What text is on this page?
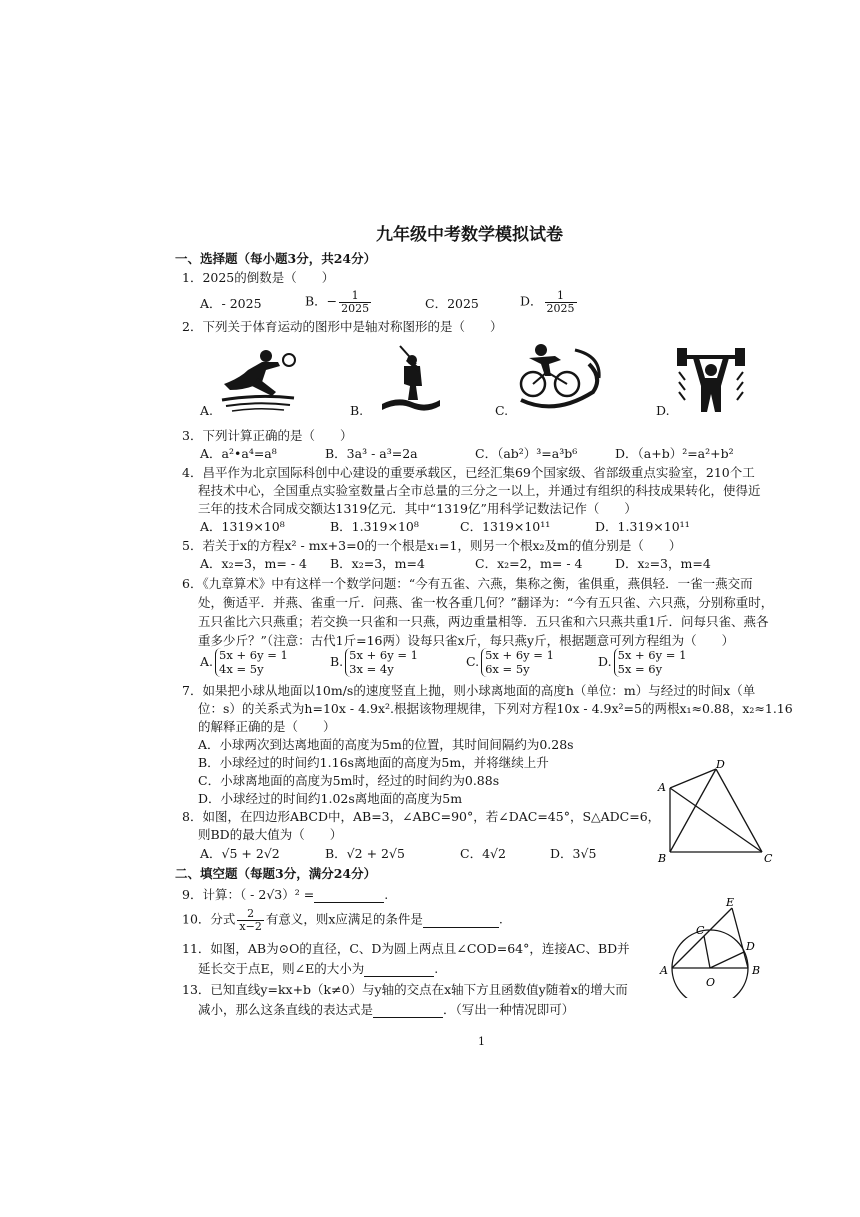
九年级中考数学模拟试卷
一、选择题（每小题3分，共24分）
1．2025的倒数是（　　）
A．- 2025	B．− $\frac{1}{2025}$	C．2025	D． $\frac{1}{2025}$
2．下列关于体育运动的图形中是轴对称图形的是（　　）
A.	B.	C.	D.
3．下列计算正确的是（　　）
A．a²•a⁴=a⁸	B．3a³ - a³=2a	C．（ab²）³=a³b⁶	D．（a+b）²=a²+b²
4．昌平作为北京国际科创中心建设的重要承载区，已经汇集69个国家级、省部级重点实验室，210个工
程技术中心，全国重点实验室数量占全市总量的三分之一以上，并通过有组织的科技成果转化，使得近
三年的技术合同成交额达1319亿元．其中“1319亿”用科学记数法记作（　　）
A．1319×10⁸	B．1.319×10⁸	C．1319×10¹¹	D．1.319×10¹¹
5．若关于x的方程x² - mx+3=0的一个根是x₁=1，则另一个根x₂及m的值分别是（　　）
A．x₂=3，m= - 4 B．x₂=3，m=4	C．x₂=2，m= - 4	D．x₂=3，m=4
6．《九章算术》中有这样一个数学问题：“今有五雀、六燕，集称之衡，雀俱重，燕俱轻．一雀一燕交而
处，衡适平．并燕、雀重一斤．问燕、雀一枚各重几何？”翻译为：“今有五只雀、六只燕，分别称重时，
五只雀比六只燕重；若交换一只雀和一只燕，两边重量相等．五只雀和六只燕共重1斤．问每只雀、燕各
重多少斤？”（注意：古代1斤=16两）设每只雀x斤，每只燕y斤，根据题意可列方程组为（　　）
A. 5x + 6y = 1
4x = 5y
B. 5x + 6y = 1
3x = 4y
C. 5x + 6y = 1
6x = 5y
D. 5x + 6y = 1
5x = 6y
7．如果把小球从地面以10m/s的速度竖直上抛，则小球离地面的高度h（单位：m）与经过的时间x（单
位：s）的关系式为h=10x - 4.9x².根据该物理规律，下列对方程10x - 4.9x²=5的两根x₁≈0.88，x₂≈1.16
的解释正确的是（　　）
A．小球两次到达离地面的高度为5m的位置，其时间间隔约为0.28s
B．小球经过的时间约1.16s离地面的高度为5m，并将继续上升
C．小球离地面的高度为5m时，经过的时间约为0.88s
D．小球经过的时间约1.02s离地面的高度为5m
A
D
B	C
8．如图，在四边形ABCD中，AB=3，∠ABC=90°，若∠DAC=45°，S△ADC=6，
则BD的最大值为（　　）
A．√5 + 2√2	B．√2 + 2√5	C．4√2	D．3√5
二、填空题（每题3分，满分24分）
9．计算：（ - 2√3）² =	.
10．分式 $\frac{2}{x-2}$ 有意义，则x应满足的条件是	.
A	B
C
D
E
O
11．如图，AB为⊙O的直径，C、D为圆上两点且∠COD=64°，连接AC、BD并
延长交于点E，则∠E的大小为	.
13．已知直线y=kx+b（k≠0）与y轴的交点在x轴下方且函数值y随着x的增大而
减小，那么这条直线的表达式是	．（写出一种情况即可）
1
